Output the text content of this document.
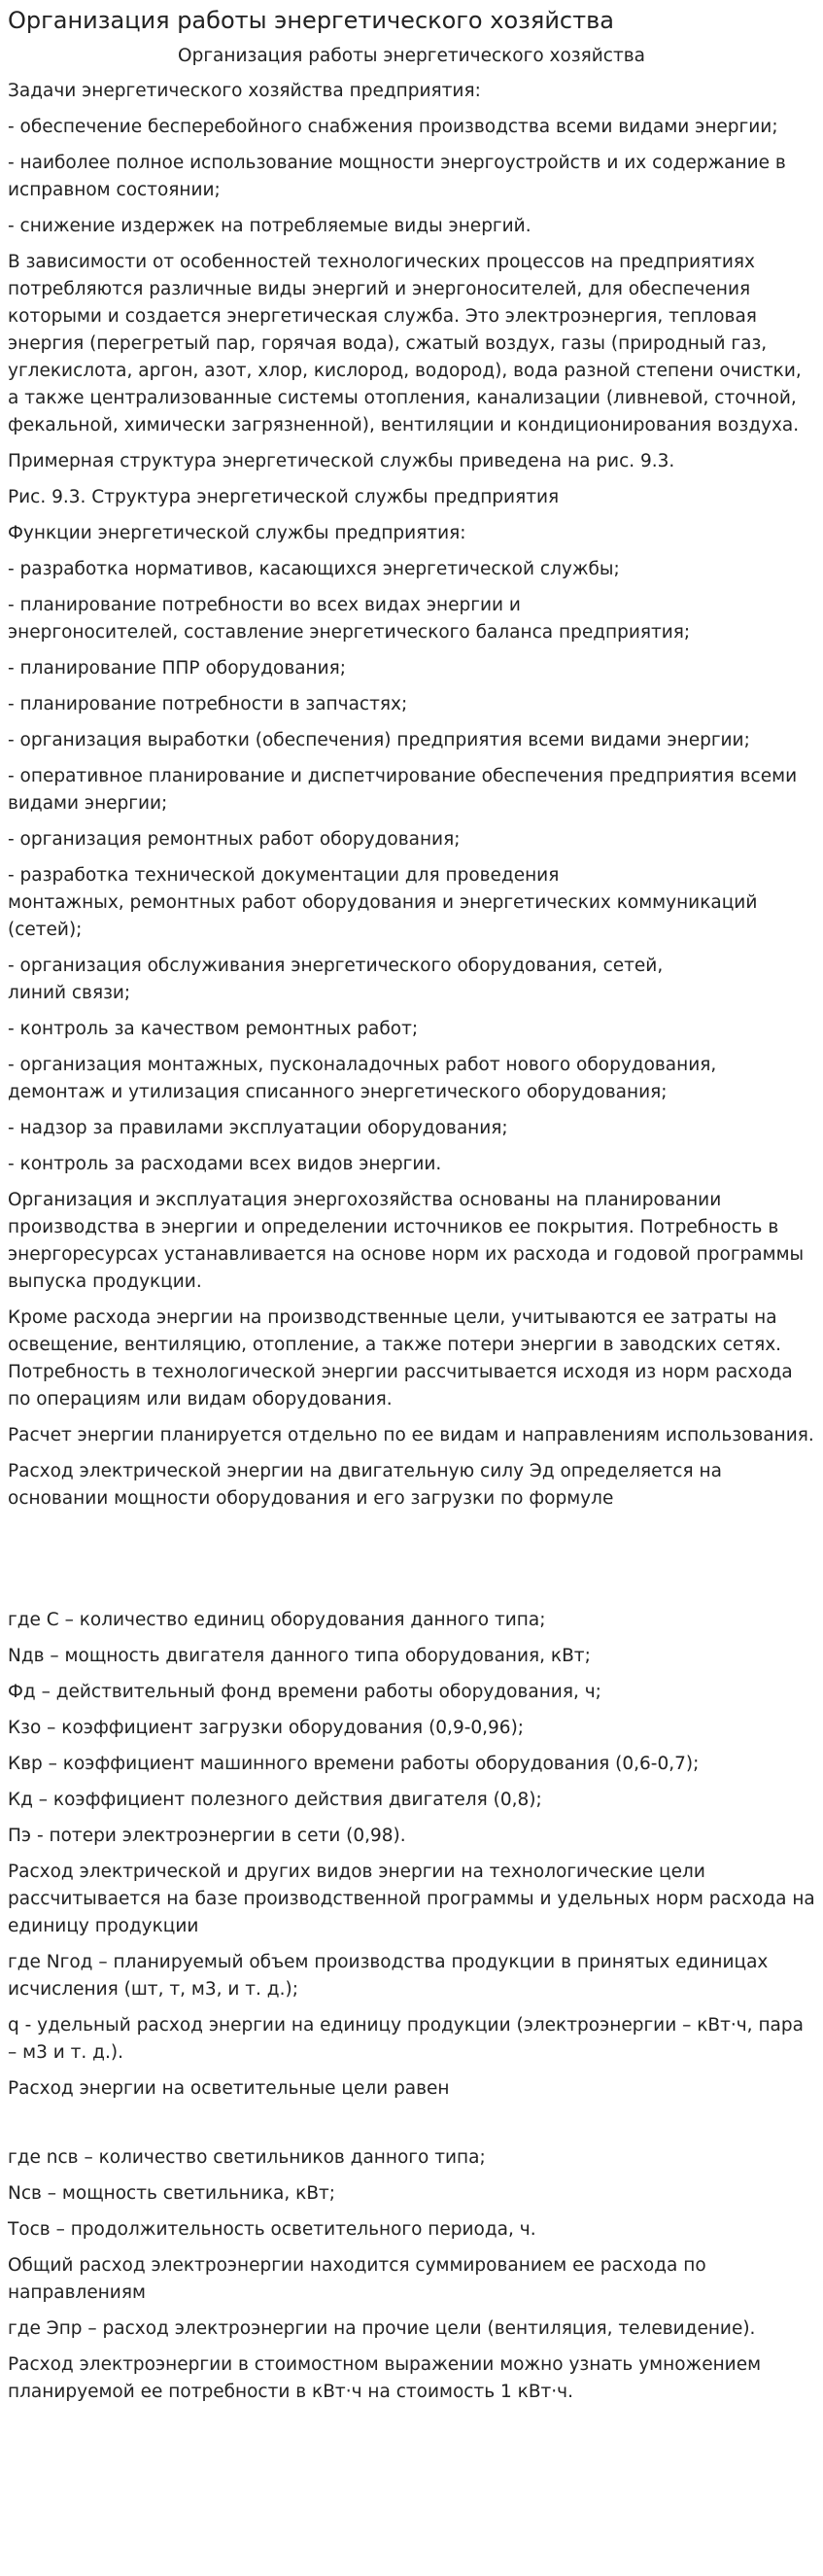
Организация работы энергетического хозяйства
Организация работы энергетического хозяйства

Задачи энергетического хозяйства предприятия:

- обеспечение бесперебойного снабжения производства всеми видами энергии;

- наиболее полное использование мощности энергоустройств и их содержание в исправном состоянии;

- снижение издержек на потребляемые виды энергий.

В зависимости от особенностей технологических процессов на предприятиях потребляются различные виды энергий и энергоносителей, для обеспечения которыми и создается энергетическая служба. Это электроэнергия, тепловая энергия (перегретый пар, горячая вода), сжатый воздух, газы (природный газ, углекислота, аргон, азот, хлор, кислород, водород), вода разной степени очистки, а также централизованные системы отопления, канализации (ливневой, сточной, фекальной, химически загрязненной), вентиляции и кондиционирования воздуха.

Примерная структура энергетической службы приведена на рис. 9.3.

Рис. 9.3. Структура энергетической службы предприятия

Функции энергетической службы предприятия:

- разработка нормативов, касающихся энергетической службы;

- планирование потребности во всех видах энергии и
энергоносителей, составление энергетического баланса предприятия;

- планирование ППР оборудования;

- планирование потребности в запчастях;

- организация выработки (обеспечения) предприятия всеми видами энергии;

- оперативное планирование и диспетчирование обеспечения предприятия всеми видами энергии;

- организация ремонтных работ оборудования;

- разработка технической документации для проведения
монтажных, ремонтных работ оборудования и энергетических коммуникаций (сетей);

- организация обслуживания энергетического оборудования, сетей,
линий связи;

- контроль за качеством ремонтных работ;

- организация монтажных, пусконаладочных работ нового оборудования, демонтаж и утилизация списанного энергетического оборудования;

- надзор за правилами эксплуатации оборудования;

- контроль за расходами всех видов энергии.

Организация и эксплуатация энергохозяйства основаны на планировании производства в энергии и определении источников ее покрытия. Потребность в энергоресурсах устанавливается на основе норм их расхода и годовой программы выпуска продукции.

Кроме расхода энергии на производственные цели, учитываются ее затраты на освещение, вентиляцию, отопление, а также потери энергии в заводских сетях. Потребность в технологической энергии рассчитывается исходя из норм расхода по операциям или видам оборудования.

Расчет энергии планируется отдельно по ее видам и направлениям использования.

Расход электрической энергии на двигательную силу Эд определяется на основании мощности оборудования и его загрузки по формуле

где С – количество единиц оборудования данного типа;

Nдв – мощность двигателя данного типа оборудования, кВт;

Фд – действительный фонд времени работы оборудования, ч;

Кзо – коэффициент загрузки оборудования (0,9-0,96);

Квр – коэффициент машинного времени работы оборудования (0,6-0,7);

Кд – коэффициент полезного действия двигателя (0,8);

Пэ - потери электроэнергии в сети (0,98).

Расход электрической и других видов энергии на технологические цели рассчитывается на базе производственной программы и удельных норм расхода на единицу продукции

где Nгод – планируемый объем производства продукции в принятых единицах исчисления (шт, т, м3, и т. д.);

q - удельный расход энергии на единицу продукции (электроэнергии – кВт·ч, пара – м3 и т. д.).

Расход энергии на осветительные цели равен

где nсв – количество светильников данного типа;

Nсв – мощность светильника, кВт;

Тосв – продолжительность осветительного периода, ч.

Общий расход электроэнергии находится суммированием ее расхода по направлениям

где Эпр – расход электроэнергии на прочие цели (вентиляция, телевидение).

Расход электроэнергии в стоимостном выражении можно узнать умножением планируемой ее потребности в кВт·ч на стоимость 1 кВт·ч.
